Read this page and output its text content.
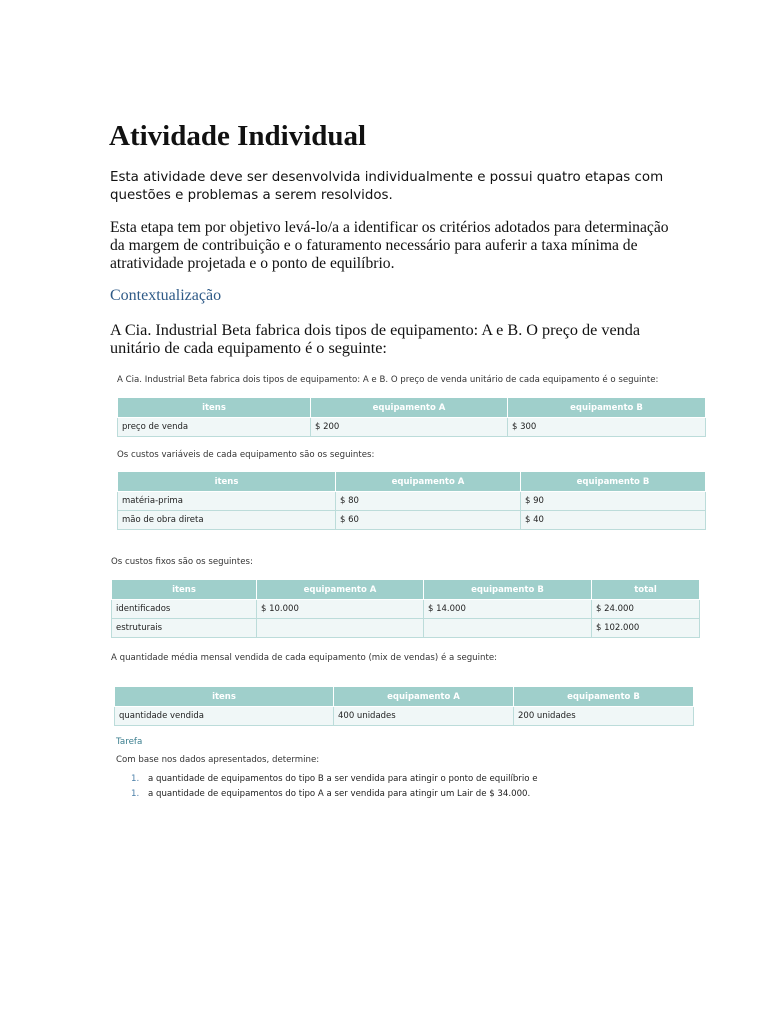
Atividade Individual

Esta atividade deve ser desenvolvida individualmente e possui quatro etapas com questões e problemas a serem resolvidos.

Esta etapa tem por objetivo levá-lo/a a identificar os critérios adotados para determinação da margem de contribuição e o faturamento necessário para auferir a taxa mínima de atratividade projetada e o ponto de equilíbrio.

Contextualização

A Cia. Industrial Beta fabrica dois tipos de equipamento: A e B. O preço de venda unitário de cada equipamento é o seguinte:

A Cia. Industrial Beta fabrica dois tipos de equipamento: A e B. O preço de venda unitário de cada equipamento é o seguinte:

itens	equipamento A	equipamento B
preço de venda	$ 200	$ 300

Os custos variáveis de cada equipamento são os seguintes:

itens	equipamento A	equipamento B
matéria-prima	$ 80	$ 90
mão de obra direta	$ 60	$ 40

Os custos fixos são os seguintes:

itens	equipamento A	equipamento B	total
identificados	$ 10.000	$ 14.000	$ 24.000
estruturais			$ 102.000

A quantidade média mensal vendida de cada equipamento (mix de vendas) é a seguinte:

itens	equipamento A	equipamento B
quantidade vendida	400 unidades	200 unidades

Tarefa

Com base nos dados apresentados, determine:

1. a quantidade de equipamentos do tipo B a ser vendida para atingir o ponto de equilíbrio e
1. a quantidade de equipamentos do tipo A a ser vendida para atingir um Lair de $ 34.000.
